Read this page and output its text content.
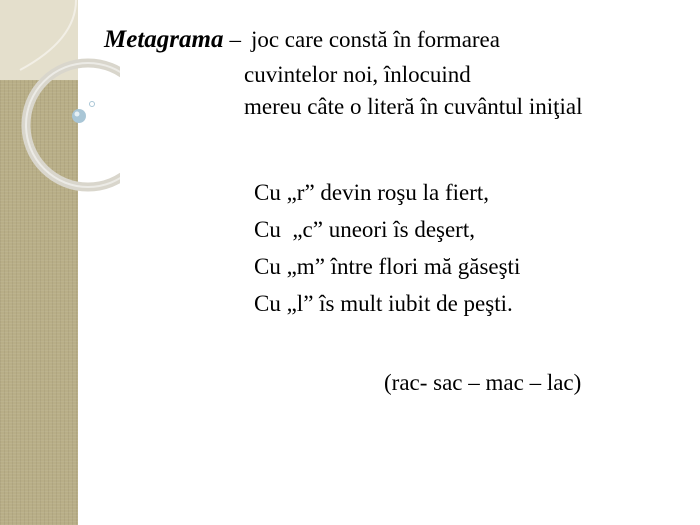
Metagrama – joc care constă în formarea
cuvintelor noi, înlocuind
mereu câte o literă în cuvântul iniţial
Cu „r” devin roşu la fiert,
Cu  „c” uneori îs deşert,
Cu „m” între flori mă găseşti
Cu „l” îs mult iubit de peşti.
(rac- sac – mac – lac)
